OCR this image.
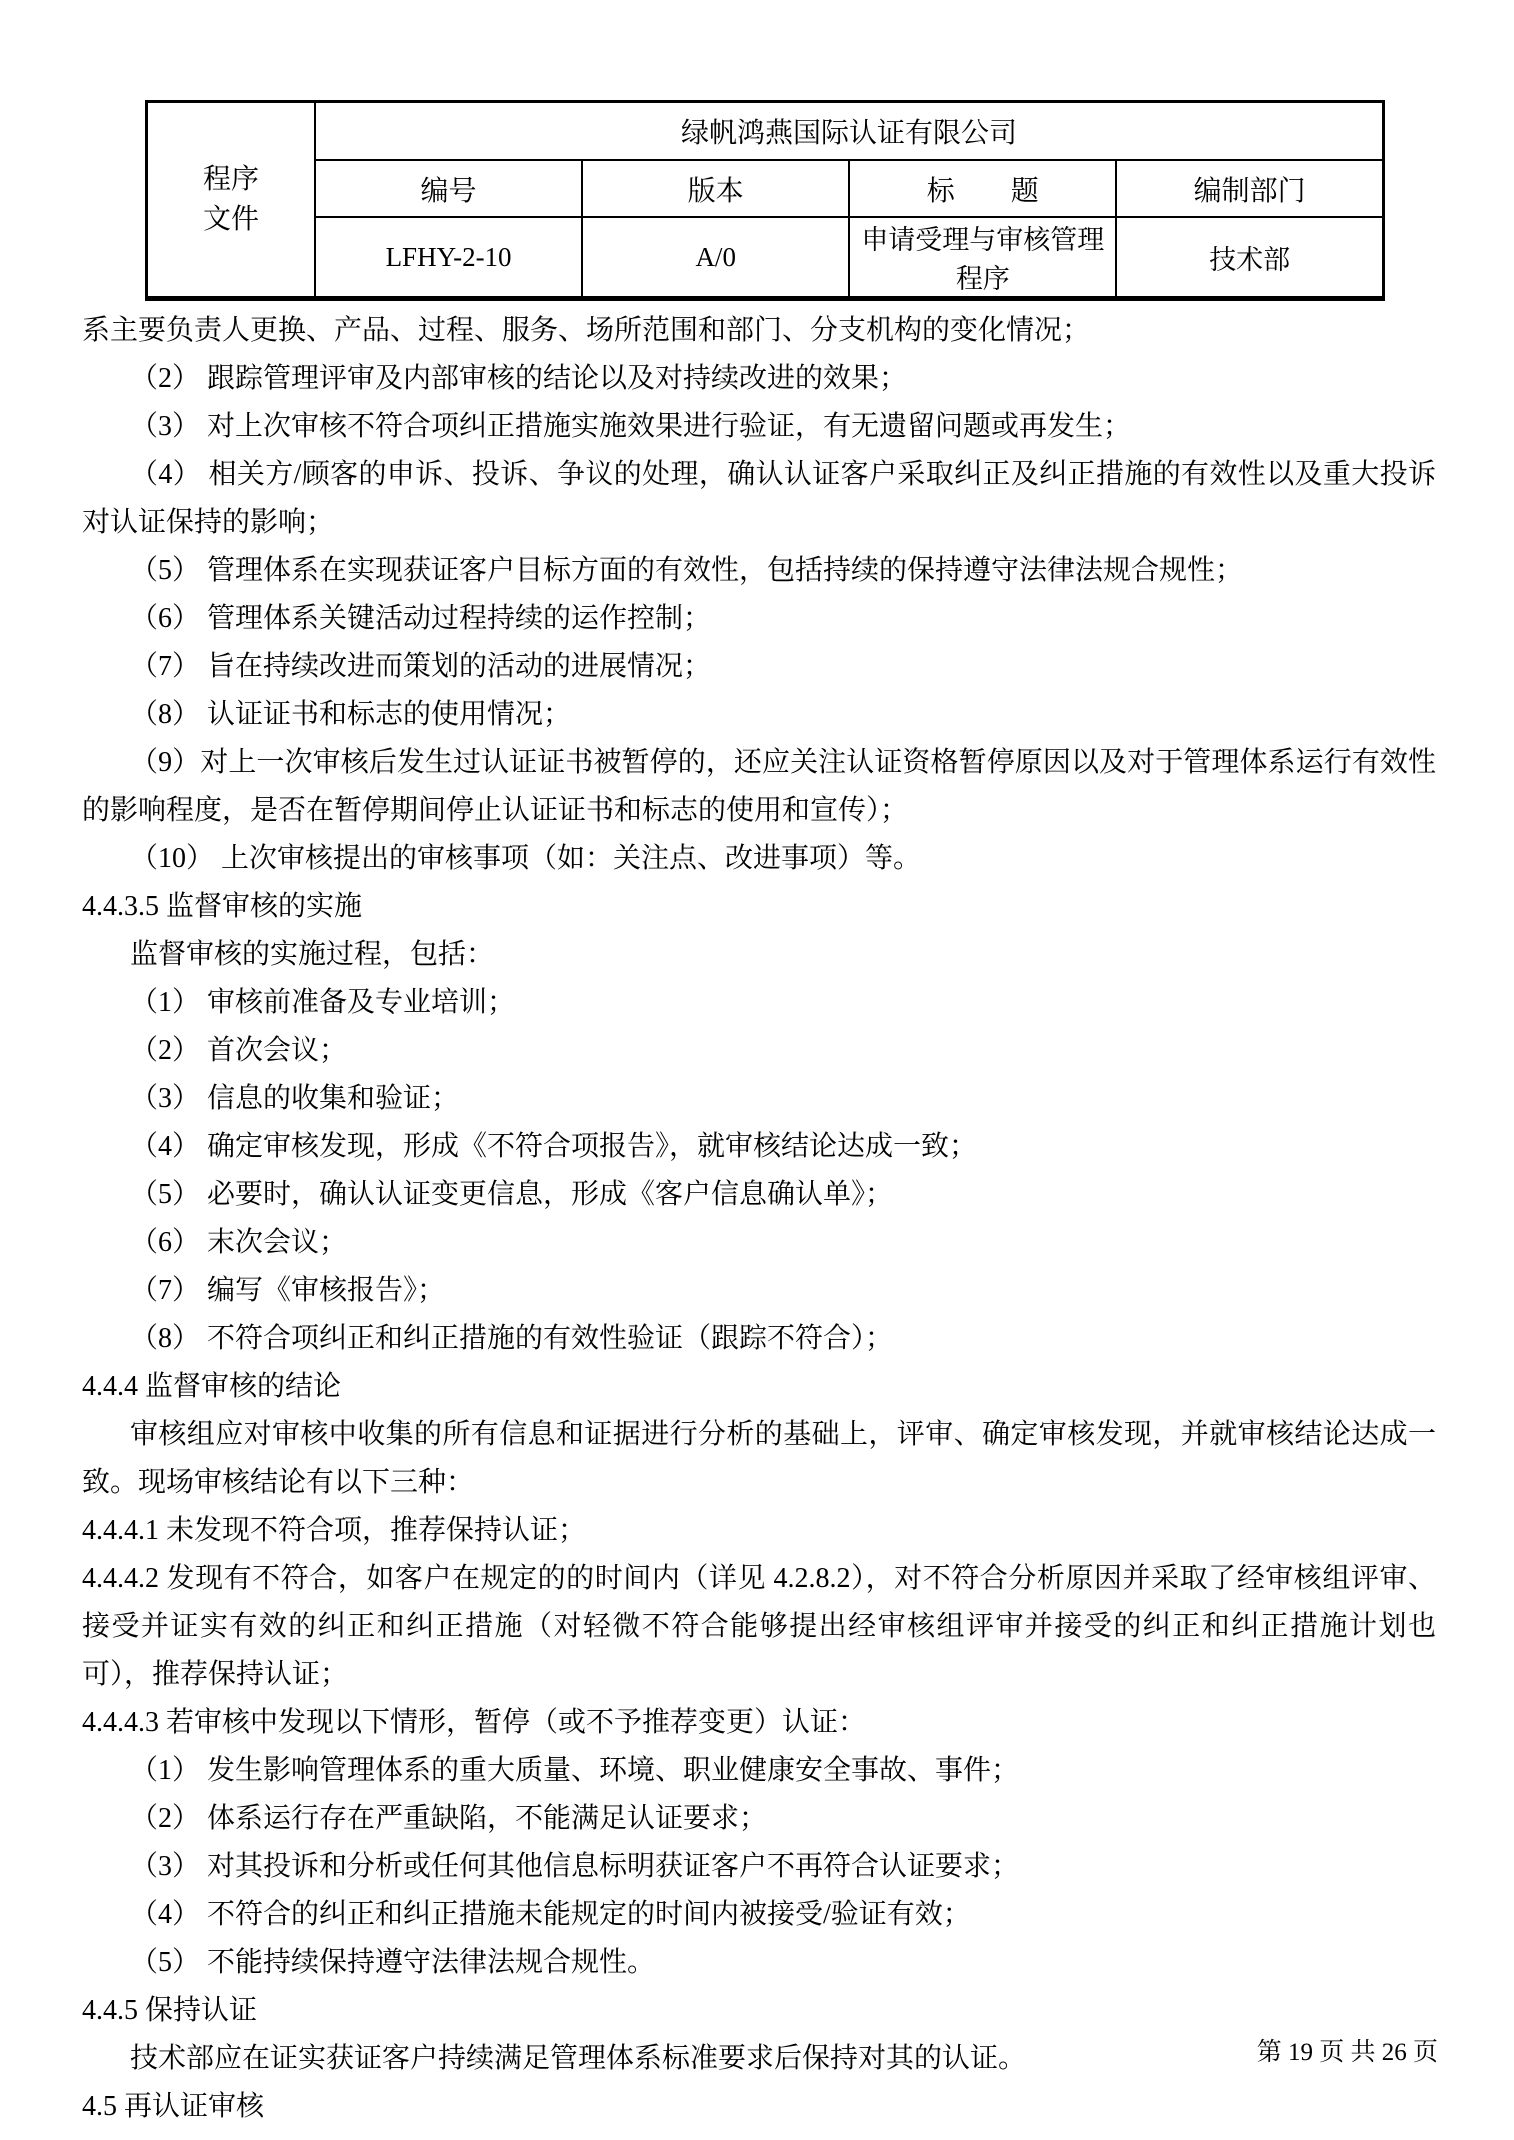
程序文件	绿帆鸿燕国际认证有限公司			
	编号	版本	标　　题	编制部门
	LFHY-2-10	A/0	申请受理与审核管理程序	技术部

系主要负责人更换、产品、过程、服务、场所范围和部门、分支机构的变化情况；

（2） 跟踪管理评审及内部审核的结论以及对持续改进的效果；

（3） 对上次审核不符合项纠正措施实施效果进行验证，有无遗留问题或再发生；

（4） 相关方/顾客的申诉、投诉、争议的处理，确认认证客户采取纠正及纠正措施的有效性以及重大投诉对认证保持的影响；

（5） 管理体系在实现获证客户目标方面的有效性，包括持续的保持遵守法律法规合规性；

（6） 管理体系关键活动过程持续的运作控制；

（7） 旨在持续改进而策划的活动的进展情况；

（8） 认证证书和标志的使用情况；

（9）对上一次审核后发生过认证证书被暂停的，还应关注认证资格暂停原因以及对于管理体系运行有效性的影响程度，是否在暂停期间停止认证证书和标志的使用和宣传）；

（10） 上次审核提出的审核事项（如：关注点、改进事项）等。

4.4.3.5 监督审核的实施

监督审核的实施过程，包括：

（1） 审核前准备及专业培训；

（2） 首次会议；

（3） 信息的收集和验证；

（4） 确定审核发现，形成《不符合项报告》，就审核结论达成一致；

（5） 必要时，确认认证变更信息，形成《客户信息确认单》；

（6） 末次会议；

（7） 编写《审核报告》；

（8） 不符合项纠正和纠正措施的有效性验证（跟踪不符合）；

4.4.4 监督审核的结论

审核组应对审核中收集的所有信息和证据进行分析的基础上，评审、确定审核发现，并就审核结论达成一致。现场审核结论有以下三种：

4.4.4.1 未发现不符合项，推荐保持认证；

4.4.4.2 发现有不符合，如客户在规定的的时间内（详见 4.2.8.2），对不符合分析原因并采取了经审核组评审、接受并证实有效的纠正和纠正措施（对轻微不符合能够提出经审核组评审并接受的纠正和纠正措施计划也可），推荐保持认证；

4.4.4.3 若审核中发现以下情形，暂停（或不予推荐变更）认证：

（1） 发生影响管理体系的重大质量、环境、职业健康安全事故、事件；

（2） 体系运行存在严重缺陷，不能满足认证要求；

（3） 对其投诉和分析或任何其他信息标明获证客户不再符合认证要求；

（4） 不符合的纠正和纠正措施未能规定的时间内被接受/验证有效；

（5） 不能持续保持遵守法律法规合规性。

4.4.5 保持认证

技术部应在证实获证客户持续满足管理体系标准要求后保持对其的认证。

4.5 再认证审核

第 19 页 共 26 页
